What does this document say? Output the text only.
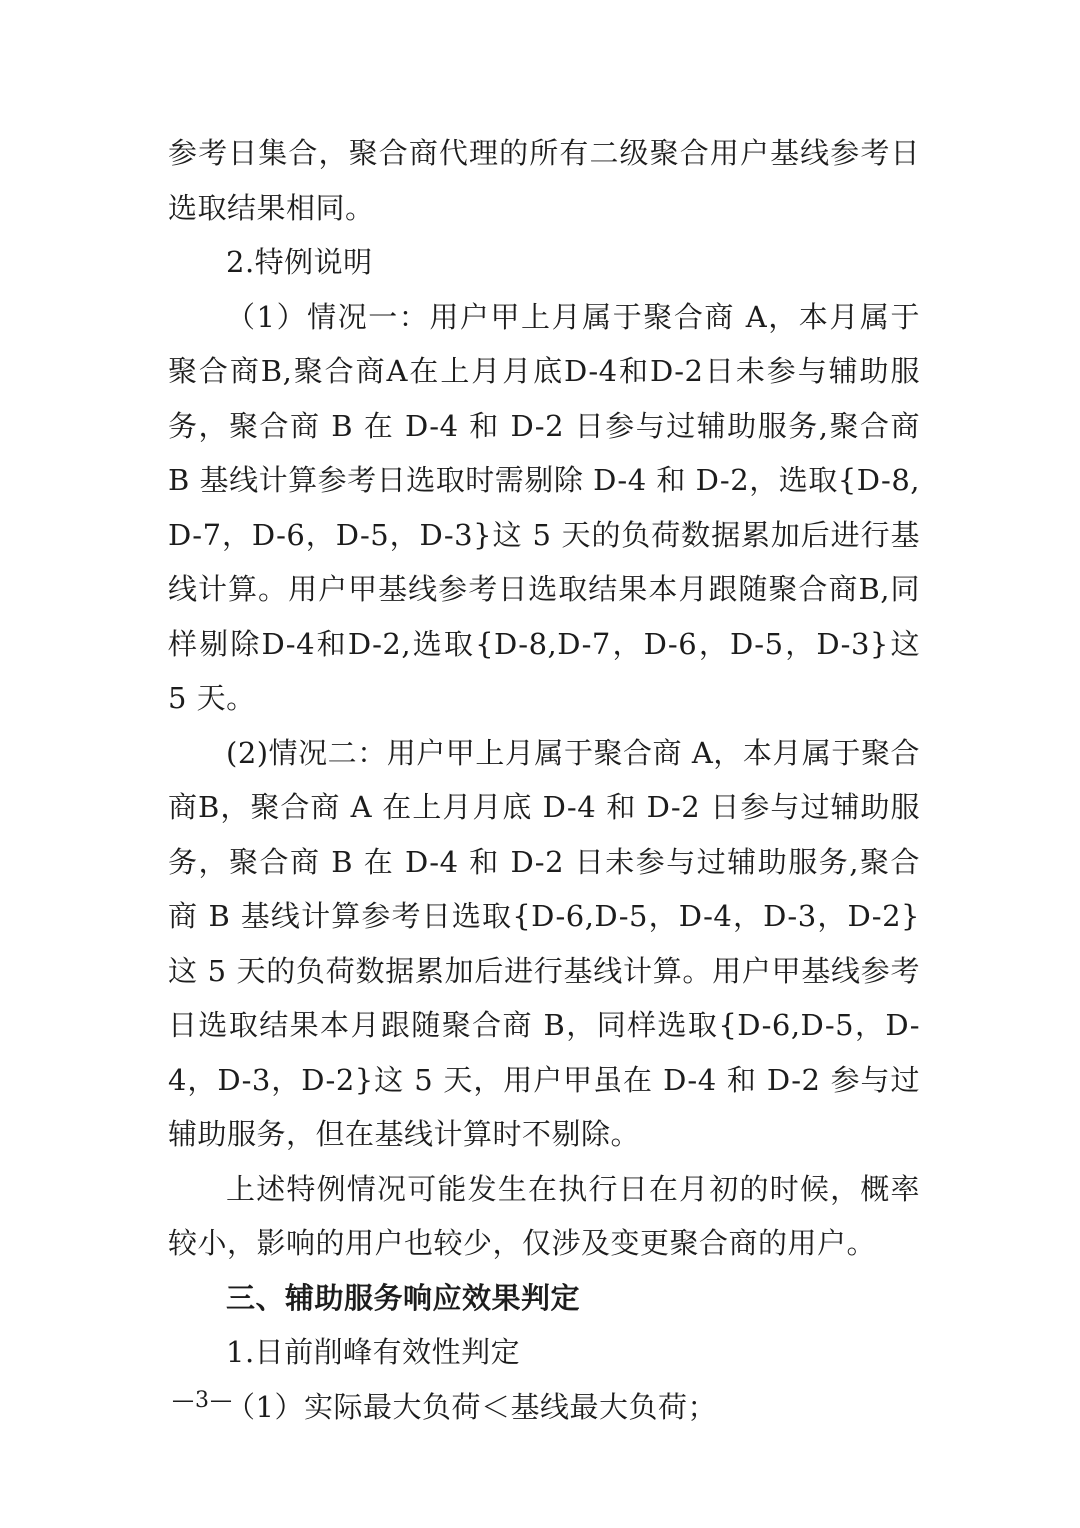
参考日集合，聚合商代理的所有二级聚合用户基线参考日选取结果相同。

2.特例说明

（1）情况一：用户甲上月属于聚合商 A，本月属于聚合商B,聚合商A在上月月底D-4和D-2日未参与辅助服务，聚合商 B 在 D-4 和 D-2 日参与过辅助服务,聚合商 B 基线计算参考日选取时需剔除 D-4 和 D-2，选取{D-8,D-7，D-6，D-5，D-3}这 5 天的负荷数据累加后进行基线计算。用户甲基线参考日选取结果本月跟随聚合商B,同样剔除D-4和D-2,选取{D-8,D-7，D-6，D-5，D-3}这 5 天。

(2)情况二：用户甲上月属于聚合商 A，本月属于聚合商B，聚合商 A 在上月月底 D-4 和 D-2 日参与过辅助服务，聚合商 B 在 D-4 和 D-2 日未参与过辅助服务,聚合商 B 基线计算参考日选取{D-6,D-5，D-4，D-3，D-2}这 5 天的负荷数据累加后进行基线计算。用户甲基线参考日选取结果本月跟随聚合商 B，同样选取{D-6,D-5，D-4，D-3，D-2}这 5 天，用户甲虽在 D-4 和 D-2 参与过辅助服务，但在基线计算时不剔除。

上述特例情况可能发生在执行日在月初的时候，概率较小，影响的用户也较少，仅涉及变更聚合商的用户。

三、辅助服务响应效果判定

1.日前削峰有效性判定

（1）实际最大负荷＜基线最大负荷；

—3—
